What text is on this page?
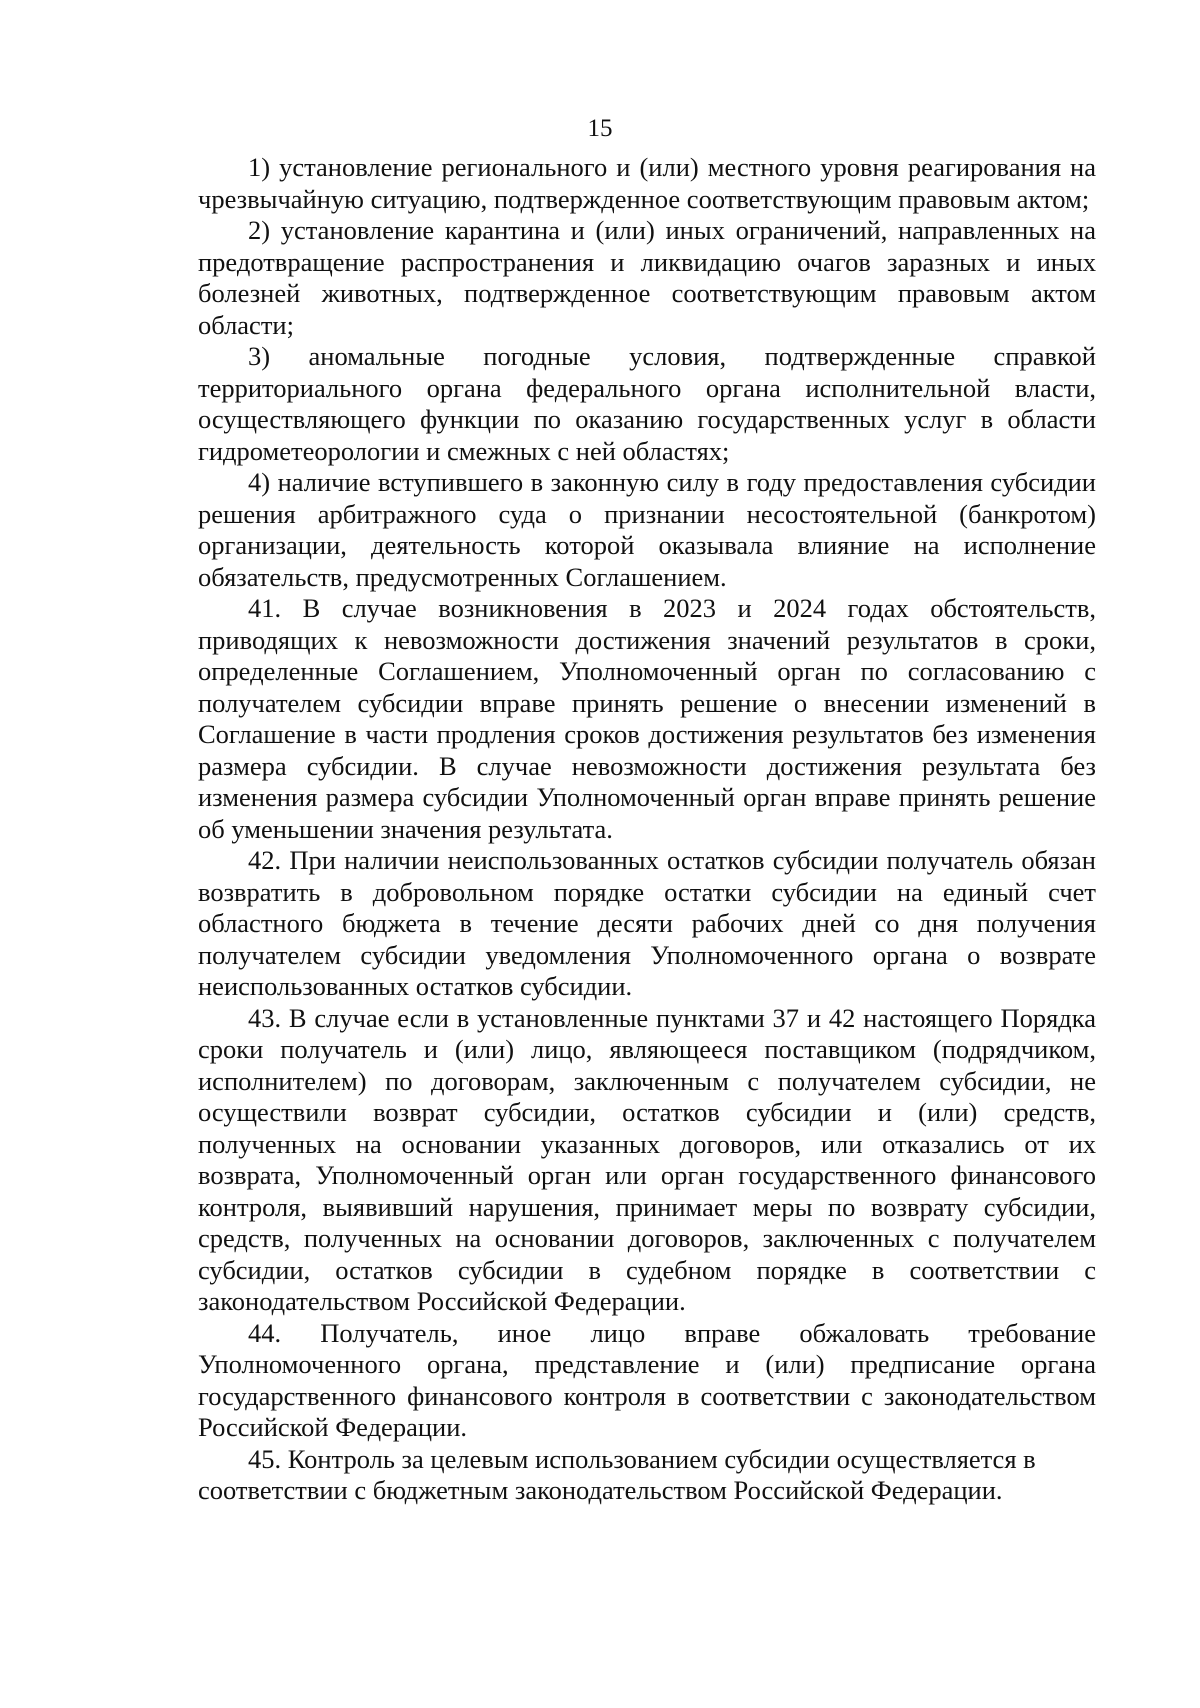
15

1) установление регионального и (или) местного уровня реагирования на чрезвычайную ситуацию, подтвержденное соответствующим правовым актом;

2) установление карантина и (или) иных ограничений, направленных на предотвращение распространения и ликвидацию очагов заразных и иных болезней животных, подтвержденное соответствующим правовым актом области;

3) аномальные погодные условия, подтвержденные справкой территориального органа федерального органа исполнительной власти, осуществляющего функции по оказанию государственных услуг в области гидрометеорологии и смежных с ней областях;

4) наличие вступившего в законную силу в году предоставления субсидии решения арбитражного суда о признании несостоятельной (банкротом) организации, деятельность которой оказывала влияние на исполнение обязательств, предусмотренных Соглашением.

41. В случае возникновения в 2023 и 2024 годах обстоятельств, приводящих к невозможности достижения значений результатов в сроки, определенные Соглашением, Уполномоченный орган по согласованию с получателем субсидии вправе принять решение о внесении изменений в Соглашение в части продления сроков достижения результатов без изменения размера субсидии. В случае невозможности достижения результата без изменения размера субсидии Уполномоченный орган вправе принять решение об уменьшении значения результата.

42. При наличии неиспользованных остатков субсидии получатель обязан возвратить в добровольном порядке остатки субсидии на единый счет областного бюджета в течение десяти рабочих дней со дня получения получателем субсидии уведомления Уполномоченного органа о возврате неиспользованных остатков субсидии.

43. В случае если в установленные пунктами 37 и 42 настоящего Порядка сроки получатель и (или) лицо, являющееся поставщиком (подрядчиком, исполнителем) по договорам, заключенным с получателем субсидии, не осуществили возврат субсидии, остатков субсидии и (или) средств, полученных на основании указанных договоров, или отказались от их возврата, Уполномоченный орган или орган государственного финансового контроля, выявивший нарушения, принимает меры по возврату субсидии, средств, полученных на основании договоров, заключенных с получателем субсидии, остатков субсидии в судебном порядке в соответствии с законодательством Российской Федерации.

44. Получатель, иное лицо вправе обжаловать требование Уполномоченного органа, представление и (или) предписание органа государственного финансового контроля в соответствии с законодательством Российской Федерации.

45. Контроль за целевым использованием субсидии осуществляется в соответствии с бюджетным законодательством Российской Федерации.
